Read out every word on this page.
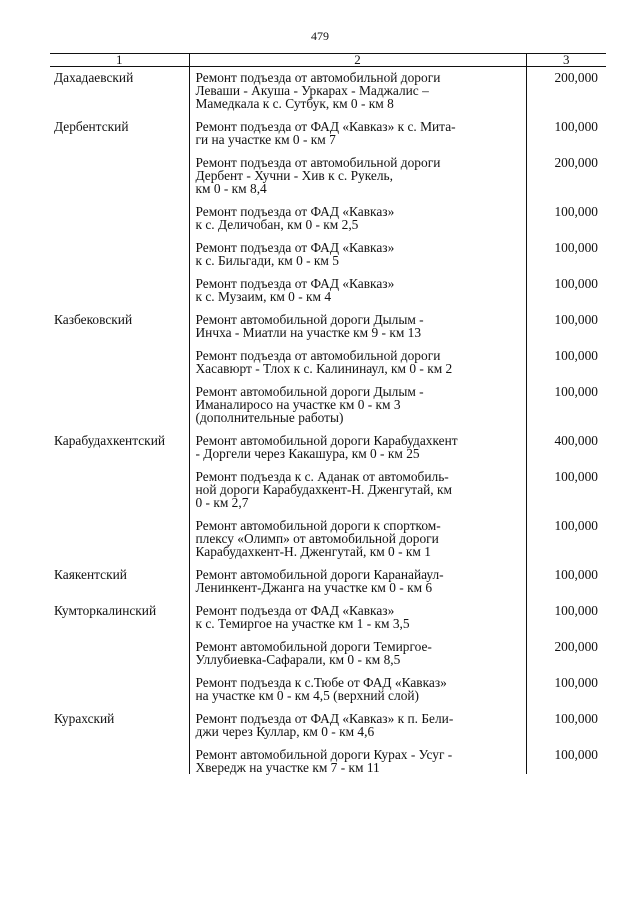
479
1	2	3
Дахадаевский	Ремонт подъезда от автомобильной дороги
Леваши - Акуша - Уркарах - Маджалис –
Мамедкала к с. Сутбук, км 0 - км 8	200,000

Дербентский	Ремонт подъезда от ФАД «Кавказ» к с. Мита-
ги на участке км 0 - км 7	100,000

	Ремонт подъезда от автомобильной дороги
Дербент - Хучни - Хив к с. Рукель,
км 0 - км 8,4	200,000

	Ремонт подъезда от ФАД «Кавказ»
к с. Деличобан, км 0 - км 2,5	100,000

	Ремонт подъезда от ФАД «Кавказ»
к с. Бильгади, км 0 - км 5	100,000

	Ремонт подъезда от ФАД «Кавказ»
к с. Музаим, км 0 - км 4	100,000

Казбековский	Ремонт автомобильной дороги Дылым -
Инчха - Миатли на участке км 9 - км 13	100,000

	Ремонт подъезда от автомобильной дороги
Хасавюрт - Тлох к с. Калининаул, км 0 - км 2	100,000

	Ремонт автомобильной дороги Дылым -
Иманалиросо на участке км 0 - км 3
(дополнительные работы)	100,000

Карабудахкентский	Ремонт автомобильной дороги Карабудахкент
- Доргели через Какашура, км 0 - км 25	400,000

	Ремонт подъезда к с. Аданак от автомобиль-
ной дороги Карабудахкент-Н. Дженгутай, км
0 - км 2,7	100,000

	Ремонт автомобильной дороги к спортком-
плексу «Олимп» от автомобильной дороги
Карабудахкент-Н. Дженгутай, км 0 - км 1	100,000

Каякентский	Ремонт автомобильной дороги Каранайаул-
Ленинкент-Джанга на участке км 0 - км 6	100,000

Кумторкалинский	Ремонт подъезда от ФАД «Кавказ»
к с. Темиргое на участке км 1 - км 3,5	100,000

	Ремонт автомобильной дороги Темиргое-
Уллубиевка-Сафарали, км 0 - км 8,5	200,000

	Ремонт подъезда к с.Тюбе от ФАД «Кавказ»
на участке км 0 - км 4,5 (верхний слой)	100,000

Курахский	Ремонт подъезда от ФАД «Кавказ» к п. Бели-
джи через Куллар, км 0 - км 4,6	100,000

	Ремонт автомобильной дороги Курах - Усуг -
Хвередж на участке км 7 - км 11	100,000
